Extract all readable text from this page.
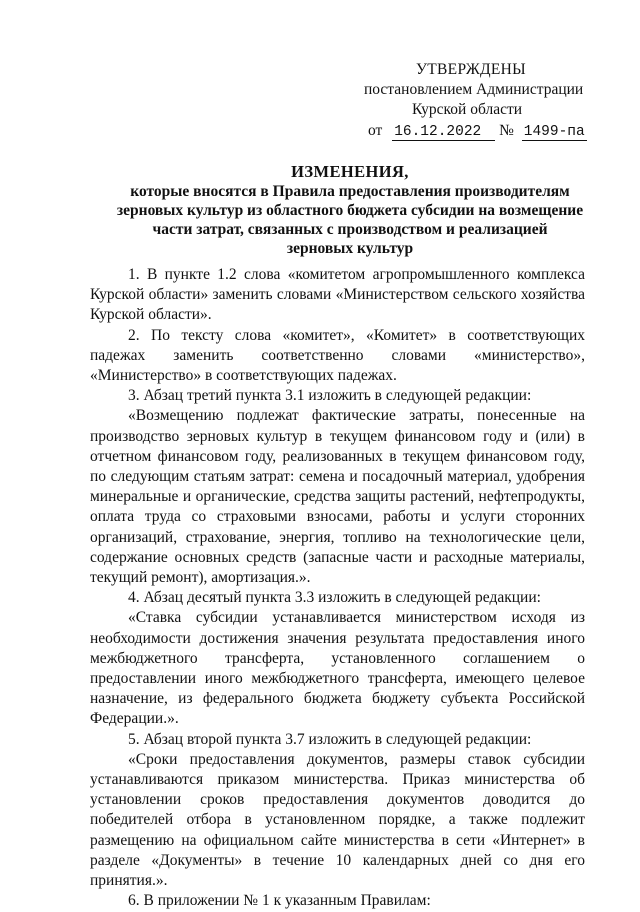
УТВЕРЖДЕНЫ
постановлением Администрации
Курской области
от 16.12.2022 № 1499-па
ИЗМЕНЕНИЯ,
которые вносятся в Правила предоставления производителям
зерновых культур из областного бюджета субсидии на возмещение
части затрат, связанных с производством и реализацией
зерновых культур

1. В пункте 1.2 слова «комитетом агропромышленного комплекса Курской области» заменить словами «Министерством сельского хозяйства Курской области».

2. По тексту слова «комитет», «Комитет» в соответствующих падежах заменить соответственно словами «министерство», «Министерство» в соответствующих падежах.

3. Абзац третий пункта 3.1 изложить в следующей редакции:

«Возмещению подлежат фактические затраты, понесенные на производство зерновых культур в текущем финансовом году и (или) в отчетном финансовом году, реализованных в текущем финансовом году, по следующим статьям затрат: семена и посадочный материал, удобрения минеральные и органические, средства защиты растений, нефтепродукты, оплата труда со страховыми взносами, работы и услуги сторонних организаций, страхование, энергия, топливо на технологические цели, содержание основных средств (запасные части и расходные материалы, текущий ремонт), амортизация.».

4. Абзац десятый пункта 3.3 изложить в следующей редакции:

«Ставка субсидии устанавливается министерством исходя из необходимости достижения значения результата предоставления иного межбюджетного трансферта, установленного соглашением о предоставлении иного межбюджетного трансферта, имеющего целевое назначение, из федерального бюджета бюджету субъекта Российской Федерации.».

5. Абзац второй пункта 3.7 изложить в следующей редакции:

«Сроки предоставления документов, размеры ставок субсидии устанавливаются приказом министерства. Приказ министерства об установлении сроков предоставления документов доводится до победителей отбора в установленном порядке, а также подлежит размещению на официальном сайте министерства в сети «Интернет» в разделе «Документы» в течение 10 календарных дней со дня его принятия.».

6. В приложении № 1 к указанным Правилам:
